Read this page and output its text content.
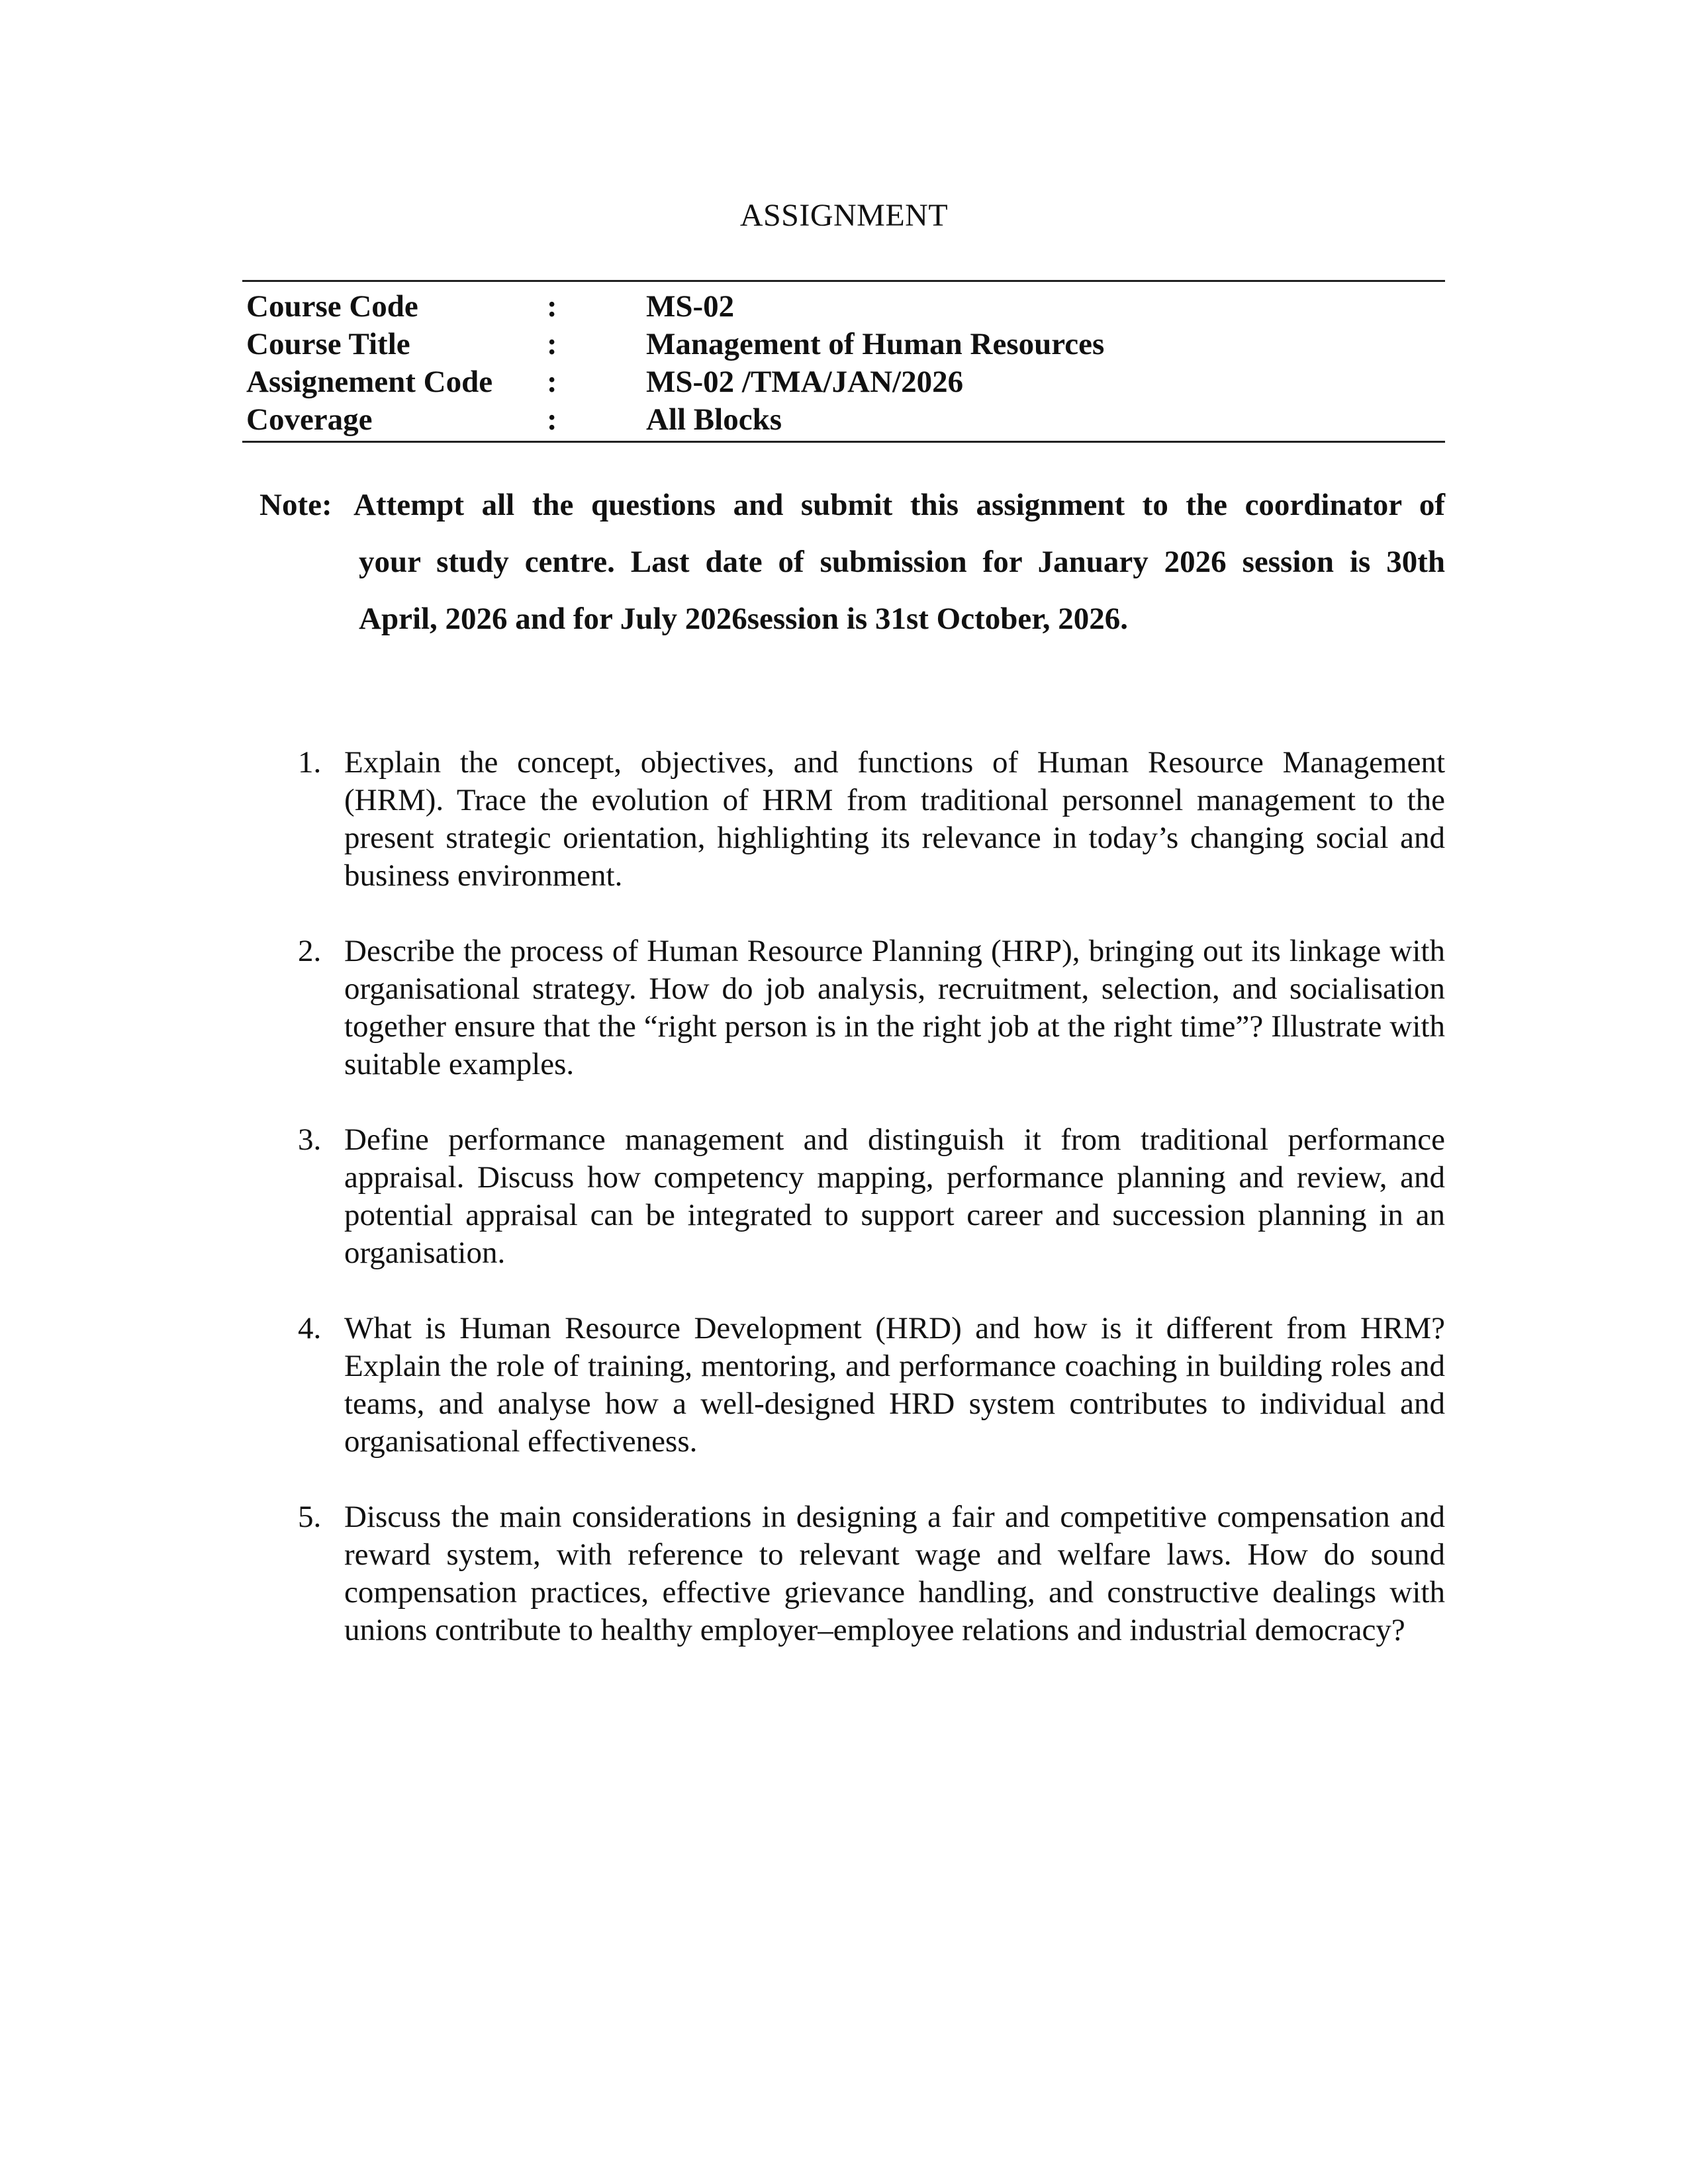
ASSIGNMENT
Course Code	:	MS-02
Course Title	:	Management of Human Resources
Assignement Code	:	MS-02 /TMA/JAN/2026
Coverage	:	All Blocks
Note: Attempt all the questions and submit this assignment to the coordinator of
your study centre. Last date of submission for January 2026 session is 30th
April, 2026 and for July 2026session is 31st October, 2026.
1. Explain the concept, objectives, and functions of Human Resource Management (HRM). Trace the evolution of HRM from traditional personnel management to the present strategic orientation, highlighting its relevance in today’s changing social and business environment.
2. Describe the process of Human Resource Planning (HRP), bringing out its linkage with organisational strategy. How do job analysis, recruitment, selection, and socialisation together ensure that the “right person is in the right job at the right time”? Illustrate with suitable examples.
3. Define performance management and distinguish it from traditional performance appraisal. Discuss how competency mapping, performance planning and review, and potential appraisal can be integrated to support career and succession planning in an organisation.
4. What is Human Resource Development (HRD) and how is it different from HRM? Explain the role of training, mentoring, and performance coaching in building roles and teams, and analyse how a well-designed HRD system contributes to individual and organisational effectiveness.
5. Discuss the main considerations in designing a fair and competitive compensation and reward system, with reference to relevant wage and welfare laws. How do sound compensation practices, effective grievance handling, and constructive dealings with unions contribute to healthy employer–employee relations and industrial democracy?
